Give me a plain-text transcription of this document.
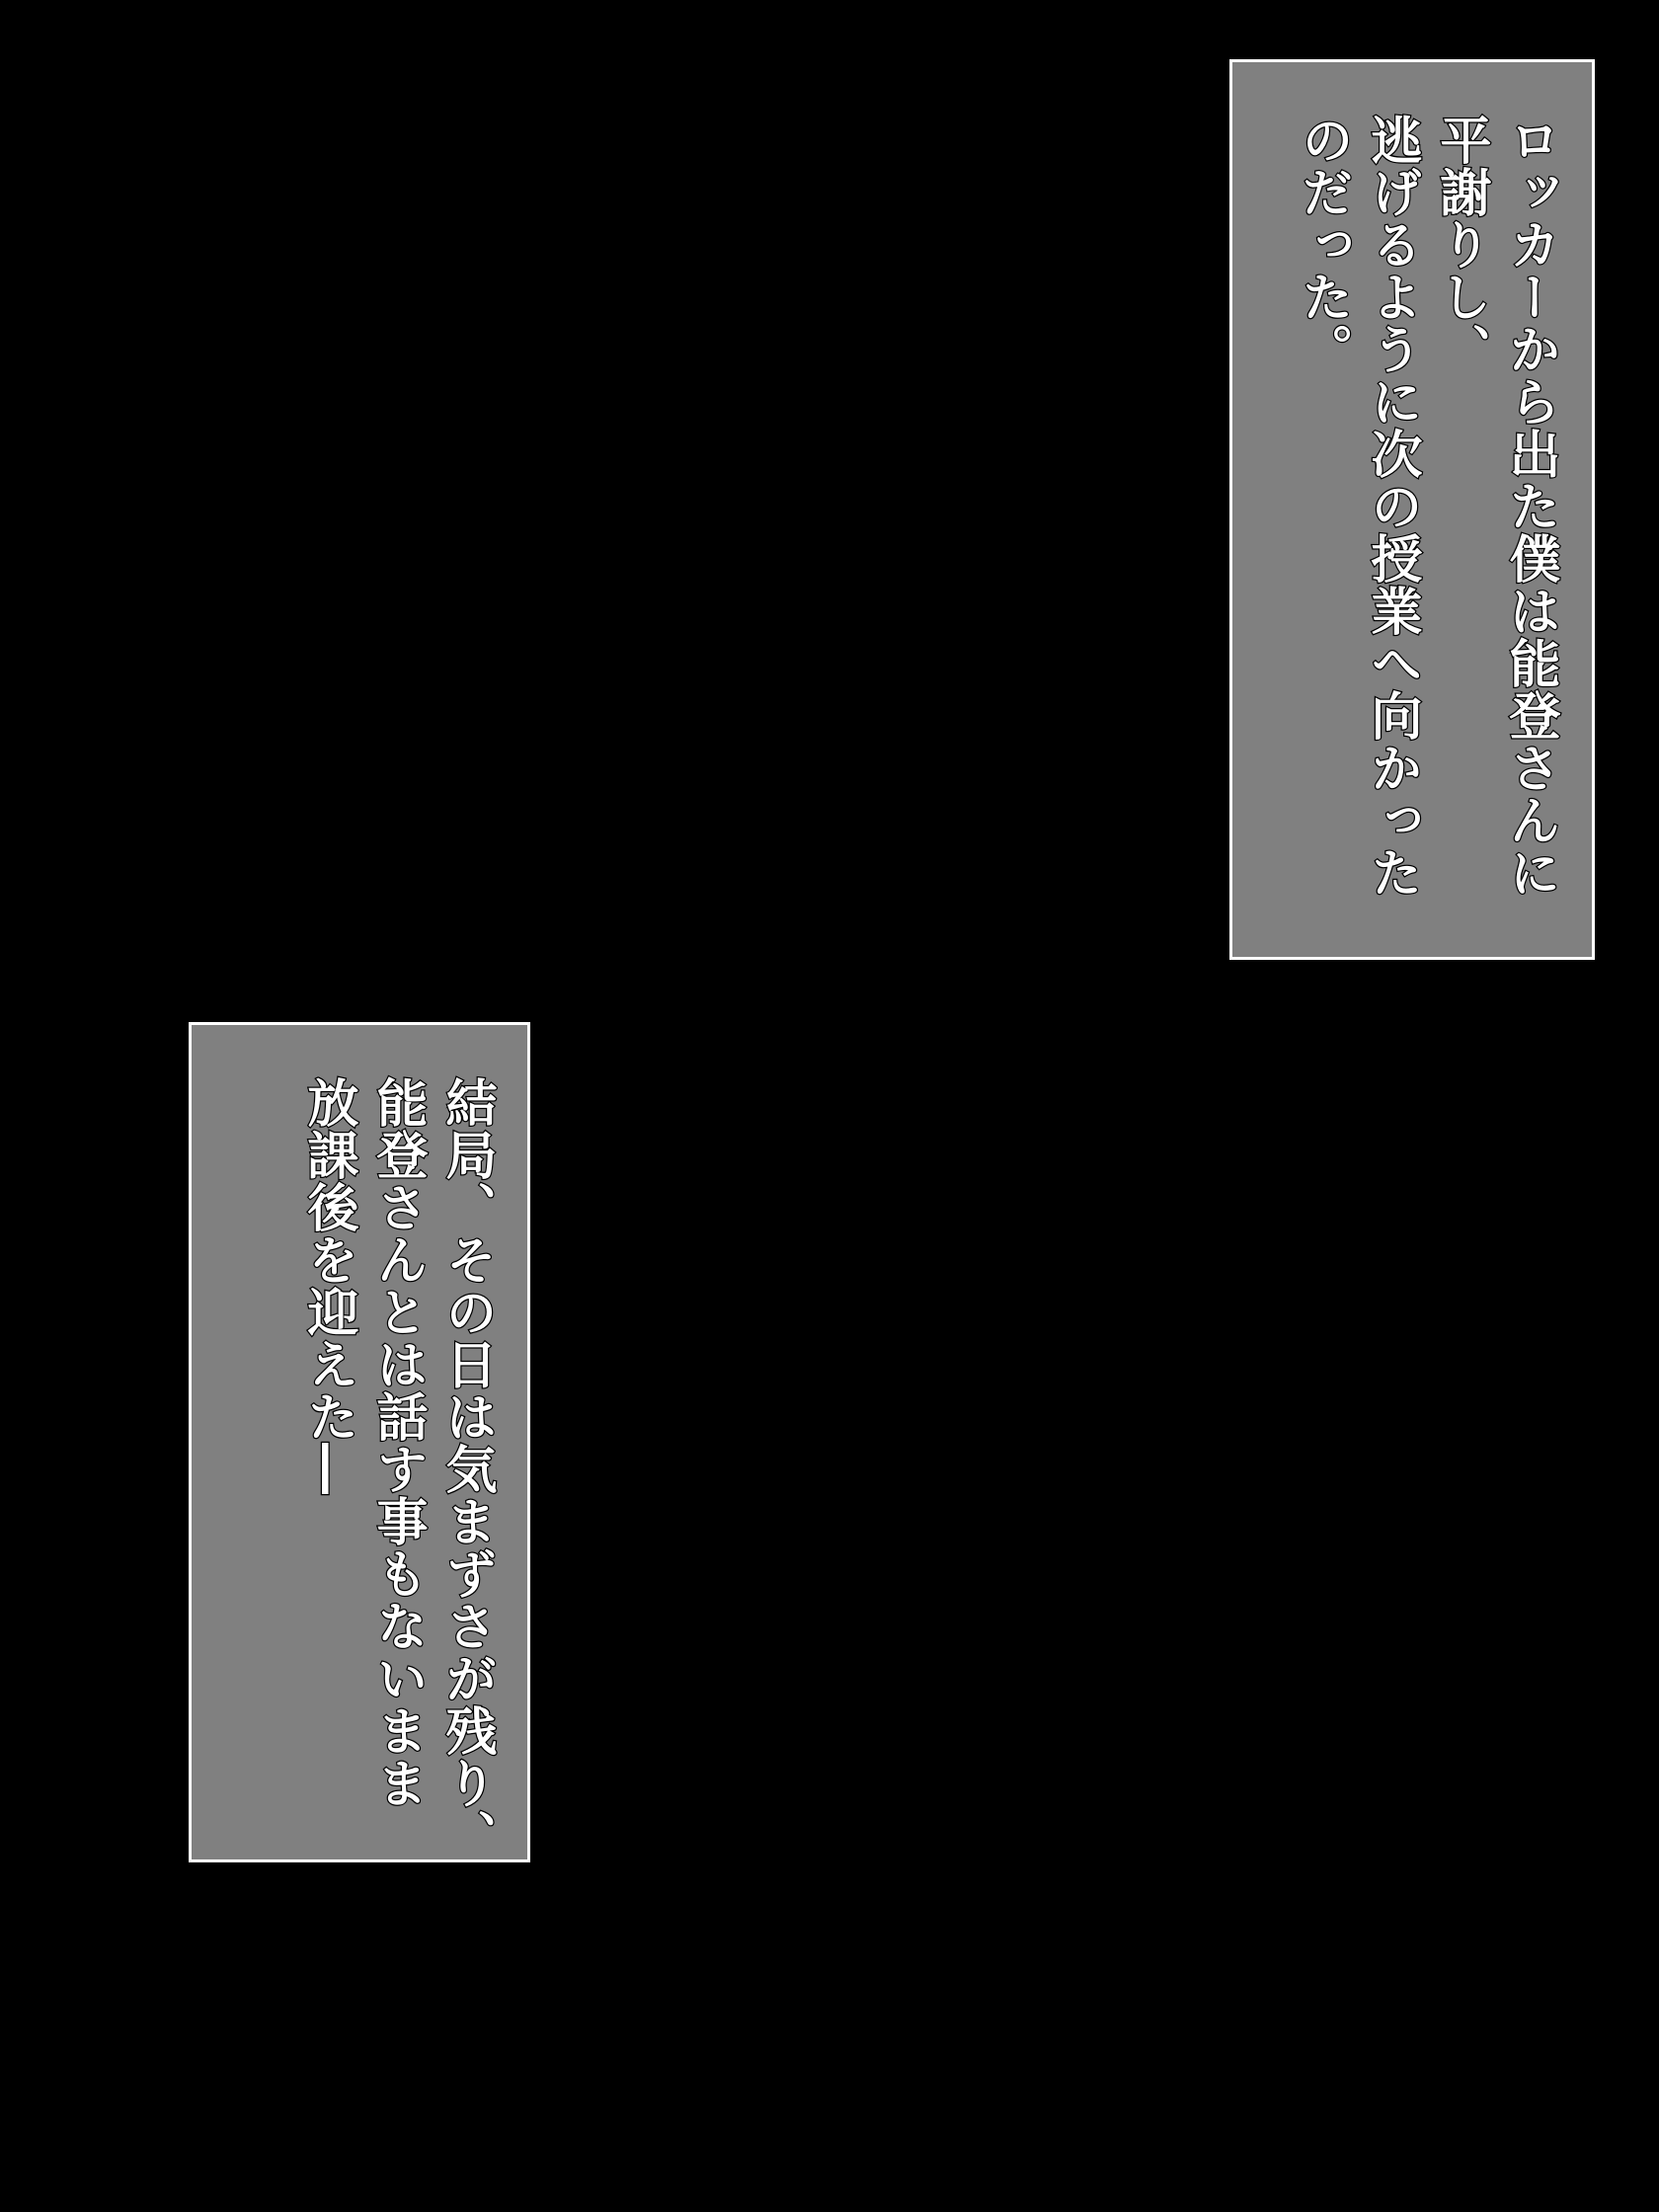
ロッカーから出た僕は能登さんに
平謝りし、
逃げるように次の授業へ向かった
のだった。
結局、その日は気まずさが残り、
能登さんとは話す事もないまま
放課後を迎えた―
